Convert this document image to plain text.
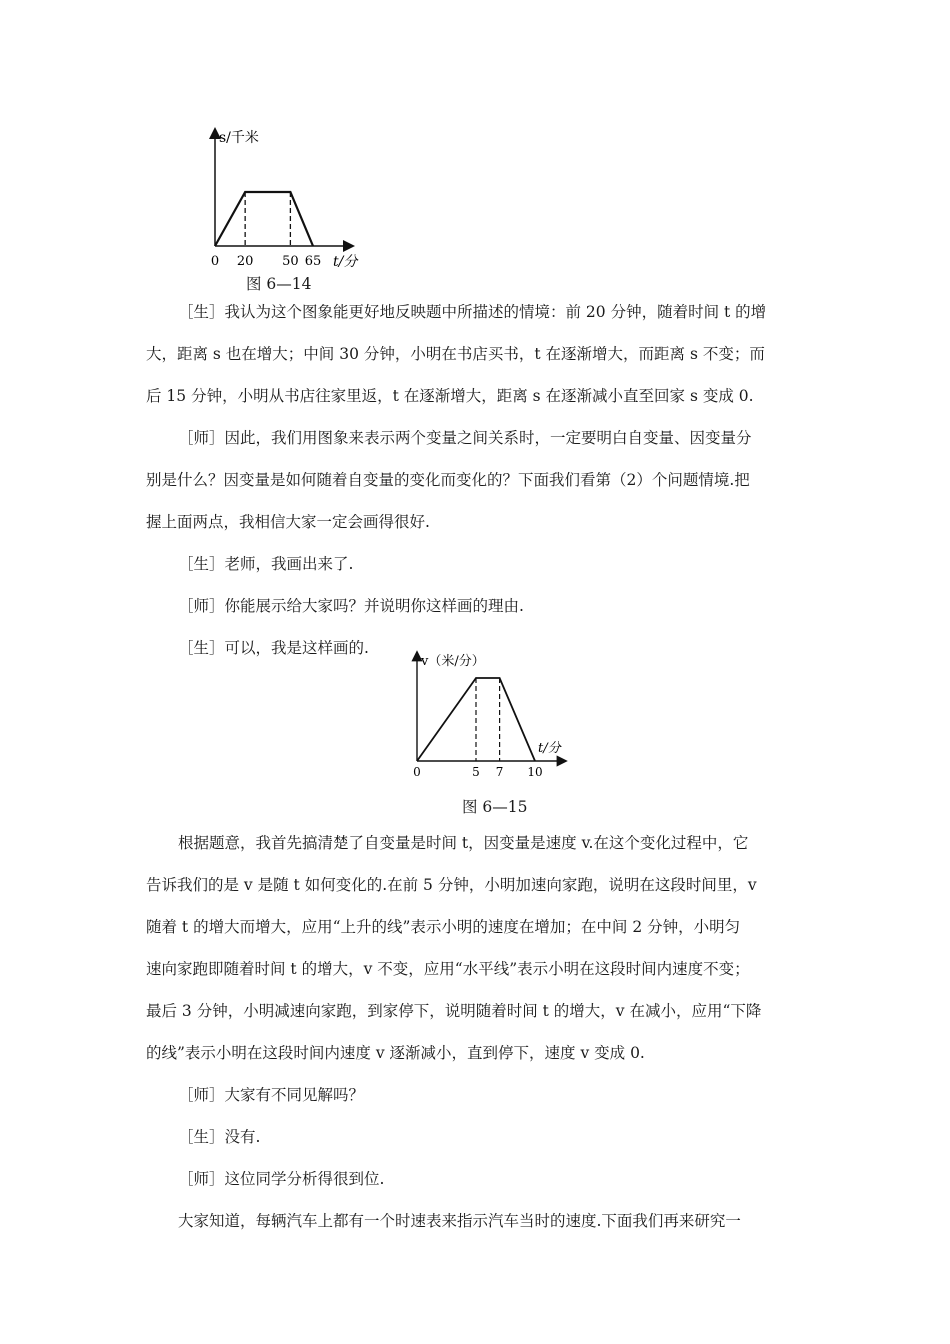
s/千米
t/分
0 20 50 65
图 6—14
［生］我认为这个图象能更好地反映题中所描述的情境：前 20 分钟，随着时间 t 的增
大，距离 s 也在增大；中间 30 分钟，小明在书店买书，t 在逐渐增大，而距离 s 不变；而
后 15 分钟，小明从书店往家里返，t 在逐渐增大，距离 s 在逐渐减小直至回家 s 变成 0.
［师］因此，我们用图象来表示两个变量之间关系时，一定要明白自变量、因变量分
别是什么？因变量是如何随着自变量的变化而变化的？下面我们看第（2）个问题情境.把
握上面两点，我相信大家一定会画得很好.
［生］老师，我画出来了.
［师］你能展示给大家吗？并说明你这样画的理由.
［生］可以，我是这样画的.
v（米/分）
t/分
0	5 7 10
图 6—15
根据题意，我首先搞清楚了自变量是时间 t，因变量是速度 v.在这个变化过程中，它
告诉我们的是 v 是随 t 如何变化的.在前 5 分钟，小明加速向家跑，说明在这段时间里，v
随着 t 的增大而增大，应用“上升的线”表示小明的速度在增加；在中间 2 分钟，小明匀
速向家跑即随着时间 t 的增大，v 不变，应用“水平线”表示小明在这段时间内速度不变；
最后 3 分钟，小明减速向家跑，到家停下，说明随着时间 t 的增大，v 在减小，应用“下降
的线”表示小明在这段时间内速度 v 逐渐减小，直到停下，速度 v 变成 0.
［师］大家有不同见解吗？
［生］没有.
［师］这位同学分析得很到位.
大家知道，每辆汽车上都有一个时速表来指示汽车当时的速度.下面我们再来研究一
